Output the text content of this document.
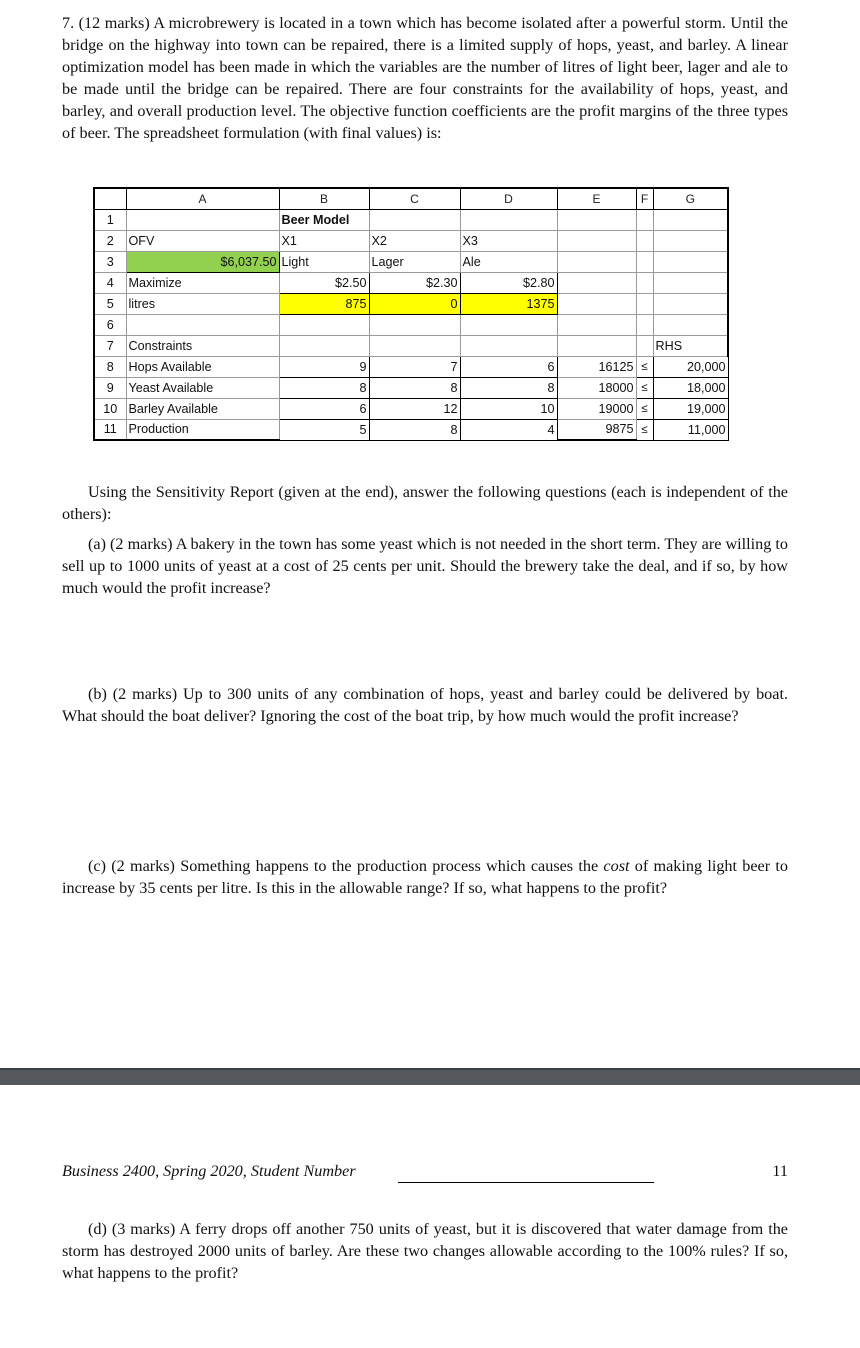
7. (12 marks) A microbrewery is located in a town which has become isolated after a powerful storm. Until the bridge on the highway into town can be repaired, there is a limited supply of hops, yeast, and barley. A linear optimization model has been made in which the variables are the number of litres of light beer, lager and ale to be made until the bridge can be repaired. There are four constraints for the availability of hops, yeast, and barley, and overall production level. The objective function coefficients are the profit margins of the three types of beer. The spreadsheet formulation (with final values) is:

	A	B	C	D	E	F	G
1		Beer Model					
2	OFV	X1	X2	X3			
3	$6,037.50	Light	Lager	Ale			
4	Maximize	$2.50	$2.30	$2.80			
5	litres	875	0	1375			
6							
7	Constraints						RHS
8	Hops Available	9	7	6	16125	≤	20,000
9	Yeast Available	8	8	8	18000	≤	18,000
10	Barley Available	6	12	10	19000	≤	19,000
11	Production	5	8	4	9875	≤	11,000

Using the Sensitivity Report (given at the end), answer the following questions (each is independent of the others):

(a) (2 marks) A bakery in the town has some yeast which is not needed in the short term. They are willing to sell up to 1000 units of yeast at a cost of 25 cents per unit. Should the brewery take the deal, and if so, by how much would the profit increase?

(b) (2 marks) Up to 300 units of any combination of hops, yeast and barley could be delivered by boat. What should the boat deliver? Ignoring the cost of the boat trip, by how much would the profit increase?

(c) (2 marks) Something happens to the production process which causes the cost of making light beer to increase by 35 cents per litre. Is this in the allowable range? If so, what happens to the profit?

Business 2400, Spring 2020, Student Number	11

(d) (3 marks) A ferry drops off another 750 units of yeast, but it is discovered that water damage from the storm has destroyed 2000 units of barley. Are these two changes allowable according to the 100% rules? If so, what happens to the profit?
